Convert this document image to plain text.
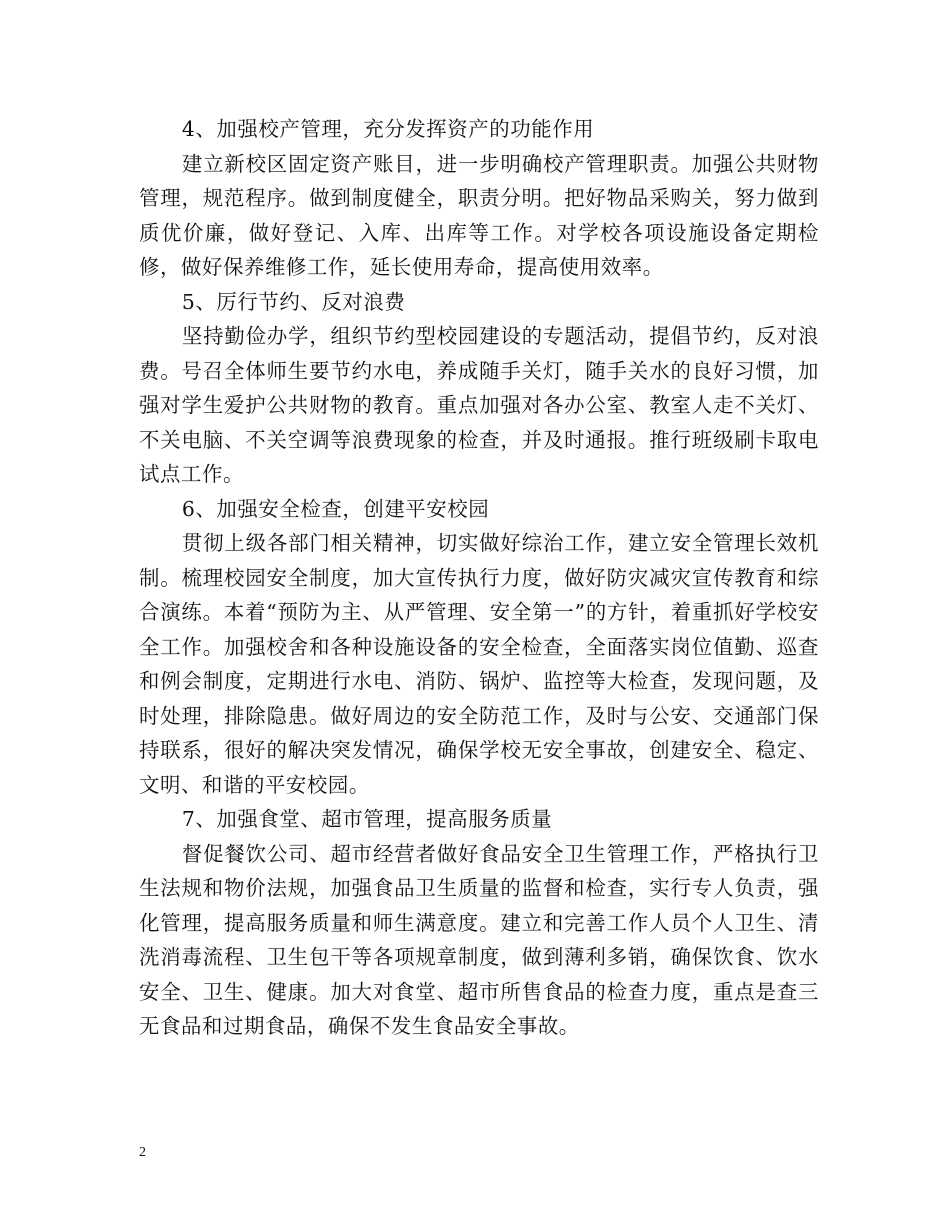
4、加强校产管理，充分发挥资产的功能作用

建立新校区固定资产账目，进一步明确校产管理职责。加强公共财物管理，规范程序。做到制度健全，职责分明。把好物品采购关，努力做到质优价廉，做好登记、入库、出库等工作。对学校各项设施设备定期检修，做好保养维修工作，延长使用寿命，提高使用效率。

5、厉行节约、反对浪费

坚持勤俭办学，组织节约型校园建设的专题活动，提倡节约，反对浪费。号召全体师生要节约水电，养成随手关灯，随手关水的良好习惯，加强对学生爱护公共财物的教育。重点加强对各办公室、教室人走不关灯、不关电脑、不关空调等浪费现象的检查，并及时通报。推行班级刷卡取电试点工作。

6、加强安全检查，创建平安校园

贯彻上级各部门相关精神，切实做好综治工作，建立安全管理长效机制。梳理校园安全制度，加大宣传执行力度，做好防灾减灾宣传教育和综合演练。本着“预防为主、从严管理、安全第一”的方针，着重抓好学校安全工作。加强校舍和各种设施设备的安全检查，全面落实岗位值勤、巡查和例会制度，定期进行水电、消防、锅炉、监控等大检查，发现问题，及时处理，排除隐患。做好周边的安全防范工作，及时与公安、交通部门保持联系，很好的解决突发情况，确保学校无安全事故，创建安全、稳定、文明、和谐的平安校园。

7、加强食堂、超市管理，提高服务质量

督促餐饮公司、超市经营者做好食品安全卫生管理工作，严格执行卫生法规和物价法规，加强食品卫生质量的监督和检查，实行专人负责，强化管理，提高服务质量和师生满意度。建立和完善工作人员个人卫生、清洗消毒流程、卫生包干等各项规章制度，做到薄利多销，确保饮食、饮水安全、卫生、健康。加大对食堂、超市所售食品的检查力度，重点是查三无食品和过期食品，确保不发生食品安全事故。

2
